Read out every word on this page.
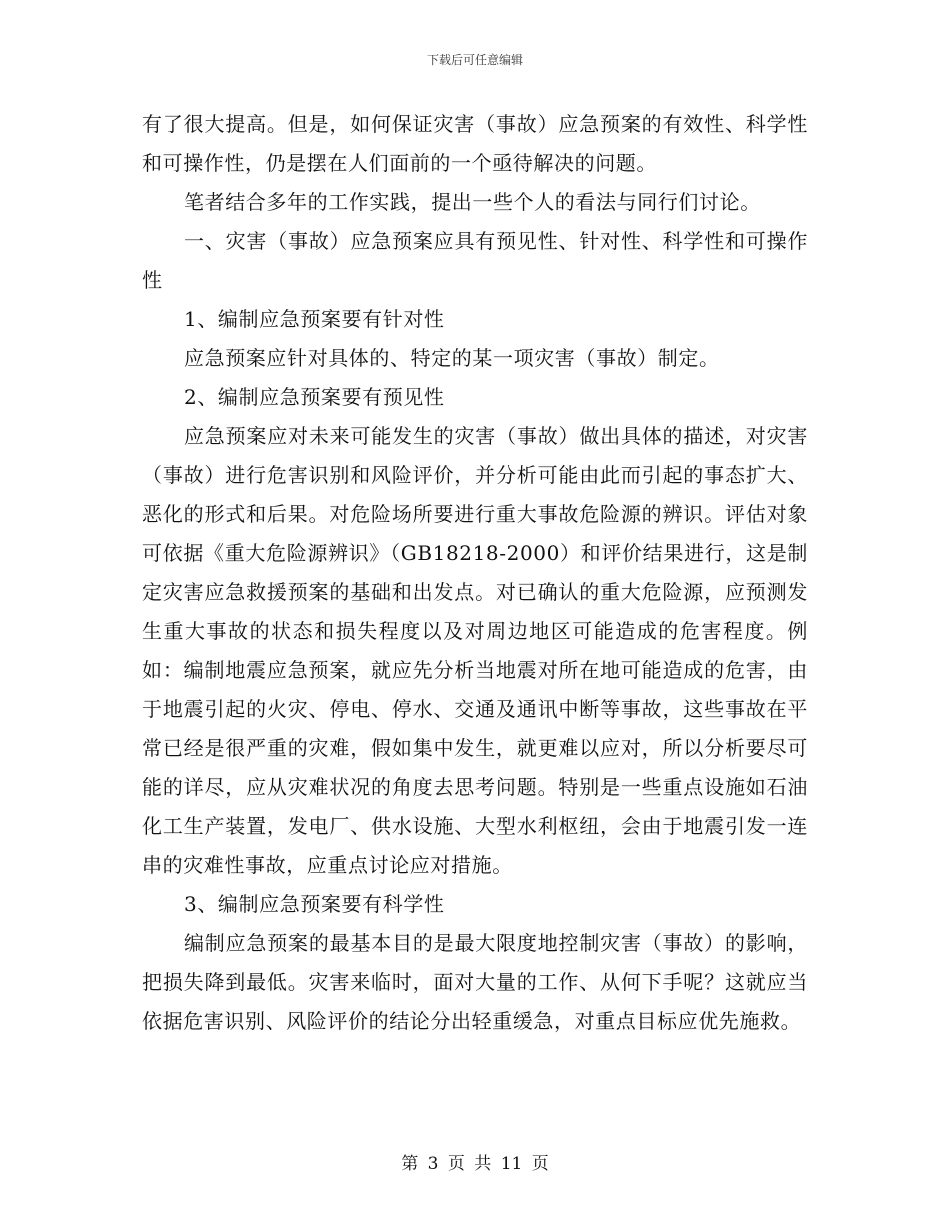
下载后可任意编辑

有了很大提高。但是，如何保证灾害（事故）应急预案的有效性、科学性和可操作性，仍是摆在人们面前的一个亟待解决的问题。

笔者结合多年的工作实践，提出一些个人的看法与同行们讨论。

一、灾害（事故）应急预案应具有预见性、针对性、科学性和可操作性

1、编制应急预案要有针对性

应急预案应针对具体的、特定的某一项灾害（事故）制定。

2、编制应急预案要有预见性

应急预案应对未来可能发生的灾害（事故）做出具体的描述，对灾害（事故）进行危害识别和风险评价，并分析可能由此而引起的事态扩大、恶化的形式和后果。对危险场所要进行重大事故危险源的辨识。评估对象可依据《重大危险源辨识》（GB18218-2000）和评价结果进行，这是制定灾害应急救援预案的基础和出发点。对已确认的重大危险源，应预测发生重大事故的状态和损失程度以及对周边地区可能造成的危害程度。例如：编制地震应急预案，就应先分析当地震对所在地可能造成的危害，由于地震引起的火灾、停电、停水、交通及通讯中断等事故，这些事故在平常已经是很严重的灾难，假如集中发生，就更难以应对，所以分析要尽可能的详尽，应从灾难状况的角度去思考问题。特别是一些重点设施如石油化工生产装置，发电厂、供水设施、大型水利枢纽，会由于地震引发一连串的灾难性事故，应重点讨论应对措施。

3、编制应急预案要有科学性

编制应急预案的最基本目的是最大限度地控制灾害（事故）的影响，把损失降到最低。灾害来临时，面对大量的工作、从何下手呢？这就应当依据危害识别、风险评价的结论分出轻重缓急，对重点目标应优先施救。

第 3 页 共 11 页
